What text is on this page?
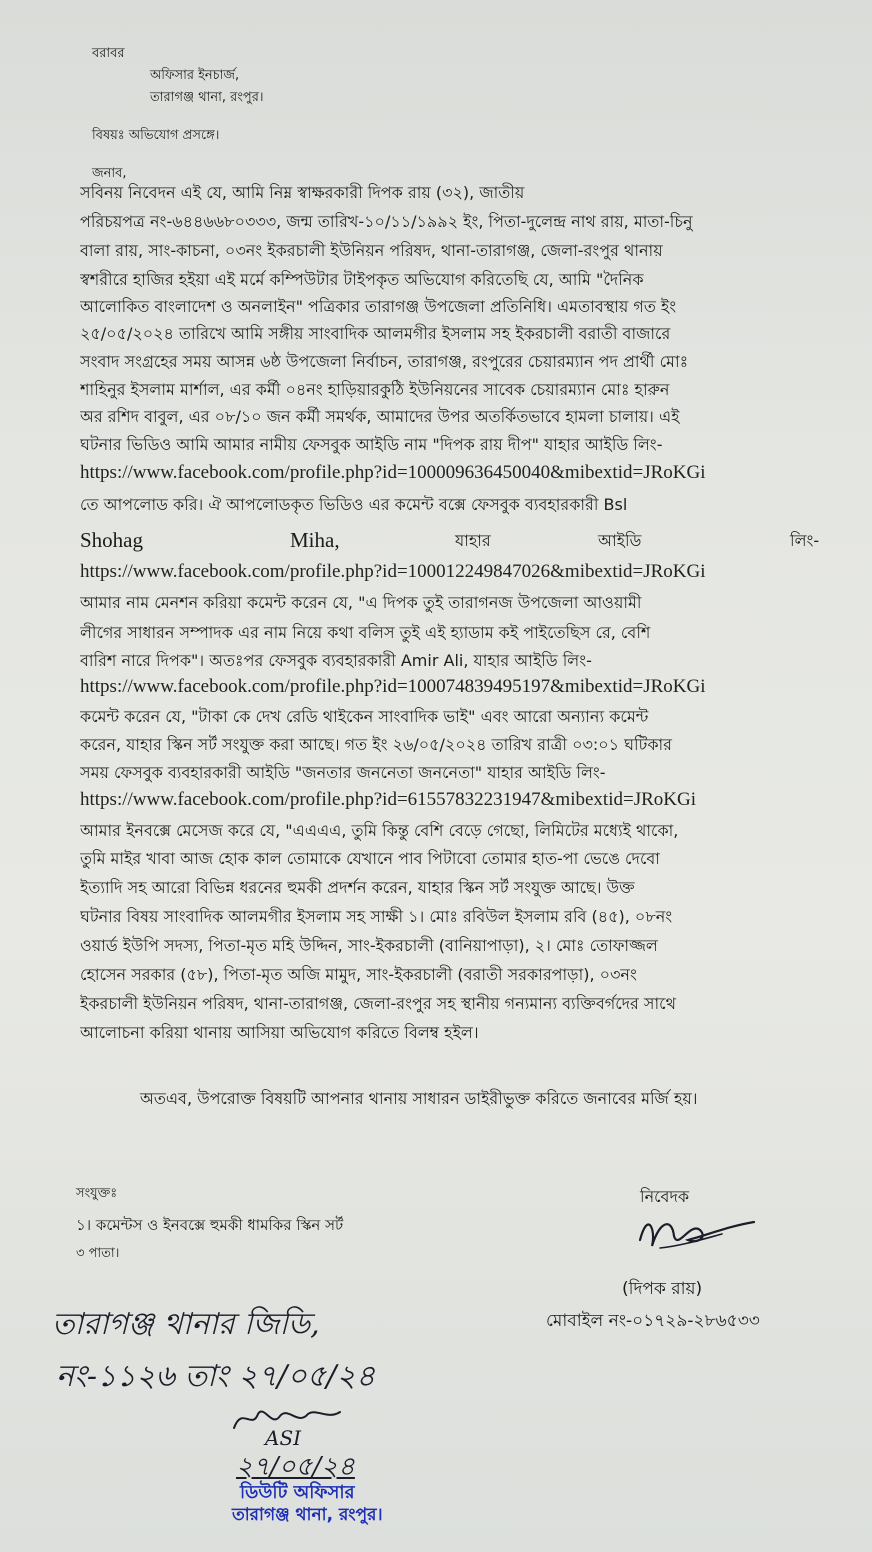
বরাবর
অফিসার ইনচার্জ,
তারাগঞ্জ থানা, রংপুর।
বিষয়ঃ অভিযোগ প্রসঙ্গে।
জনাব,
সবিনয় নিবেদন এই যে, আমি নিম্ন স্বাক্ষরকারী দিপক রায় (৩২), জাতীয়
পরিচয়পত্র নং-৬৪৪৬৬৮০৩৩৩, জন্ম তারিখ-১০/১১/১৯৯২ ইং, পিতা-দুলেন্দ্র নাথ রায়, মাতা-চিনু
বালা রায়, সাং-কাচনা, ০৩নং ইকরচালী ইউনিয়ন পরিষদ, থানা-তারাগঞ্জ, জেলা-রংপুর থানায়
স্বশরীরে হাজির হইয়া এই মর্মে কম্পিউটার টাইপকৃত অভিযোগ করিতেছি যে, আমি "দৈনিক
আলোকিত বাংলাদেশ ও অনলাইন" পত্রিকার তারাগঞ্জ উপজেলা প্রতিনিধি। এমতাবস্থায় গত ইং
২৫/০৫/২০২৪ তারিখে আমি সঙ্গীয় সাংবাদিক আলমগীর ইসলাম সহ ইকরচালী বরাতী বাজারে
সংবাদ সংগ্রহের সময় আসন্ন ৬ষ্ঠ উপজেলা নির্বাচন, তারাগঞ্জ, রংপুরের চেয়ারম্যান পদ প্রার্থী মোঃ
শাহিনুর ইসলাম মার্শাল, এর কর্মী ০৪নং হাড়িয়ারকুঠি ইউনিয়নের সাবেক চেয়ারম্যান মোঃ হারুন
অর রশিদ বাবুল, এর ০৮/১০ জন কর্মী সমর্থক, আমাদের উপর অতর্কিতভাবে হামলা চালায়। এই
ঘটনার ভিডিও আমি আমার নামীয় ফেসবুক আইডি নাম "দিপক রায় দীপ" যাহার আইডি লিং-
https://www.facebook.com/profile.php?id=100009636450040&mibextid=JRoKGi
তে আপলোড করি। ঐ আপলোডকৃত ভিডিও এর কমেন্ট বক্সে ফেসবুক ব্যবহারকারী Bsl
Shohag	Miha,	যাহার	আইডি	লিং-
https://www.facebook.com/profile.php?id=100012249847026&mibextid=JRoKGi
আমার নাম মেনশন করিয়া কমেন্ট করেন যে, "এ দিপক তুই তারাগনজ উপজেলা আওয়ামী
লীগের সাধারন সম্পাদক এর নাম নিয়ে কথা বলিস তুই এই হ্যাডাম কই পাইতেছিস রে, বেশি
বারিশ নারে দিপক"। অতঃপর ফেসবুক ব্যবহারকারী Amir Ali, যাহার আইডি লিং-
https://www.facebook.com/profile.php?id=100074839495197&mibextid=JRoKGi
কমেন্ট করেন যে, "টাকা কে দেখ রেডি থাইকেন সাংবাদিক ভাই" এবং আরো অন্যান্য কমেন্ট
করেন, যাহার স্কিন সর্ট সংযুক্ত করা আছে। গত ইং ২৬/০৫/২০২৪ তারিখ রাত্রী ০৩:০১ ঘটিকার
সময় ফেসবুক ব্যবহারকারী আইডি "জনতার জননেতা জননেতা" যাহার আইডি লিং-
https://www.facebook.com/profile.php?id=61557832231947&mibextid=JRoKGi
আমার ইনবক্সে মেসেজ করে যে, "এএএএ, তুমি কিন্তু বেশি বেড়ে গেছো, লিমিটের মধ্যেই থাকো,
তুমি মাইর খাবা আজ হোক কাল তোমাকে যেখানে পাব পিটাবো তোমার হাত-পা ভেঙে দেবো
ইত্যাদি সহ আরো বিভিন্ন ধরনের হুমকী প্রদর্শন করেন, যাহার স্কিন সর্ট সংযুক্ত আছে। উক্ত
ঘটনার বিষয় সাংবাদিক আলমগীর ইসলাম সহ সাক্ষী ১। মোঃ রবিউল ইসলাম রবি (৪৫), ০৮নং
ওয়ার্ড ইউপি সদস্য, পিতা-মৃত মহি উদ্দিন, সাং-ইকরচালী (বানিয়াপাড়া), ২। মোঃ তোফাজ্জল
হোসেন সরকার (৫৮), পিতা-মৃত অজি মামুদ, সাং-ইকরচালী (বরাতী সরকারপাড়া), ০৩নং
ইকরচালী ইউনিয়ন পরিষদ, থানা-তারাগঞ্জ, জেলা-রংপুর সহ স্থানীয় গন্যমান্য ব্যক্তিবর্গদের সাথে
আলোচনা করিয়া থানায় আসিয়া অভিযোগ করিতে বিলম্ব হইল।
অতএব, উপরোক্ত বিষয়টি আপনার থানায় সাধারন ডাইরীভুক্ত করিতে জনাবের মর্জি হয়।
সংযুক্তঃ
১। কমেন্টস ও ইনবক্সে হুমকী ধামকির স্কিন সর্ট
৩ পাতা।
নিবেদক
(দিপক রায়)
মোবাইল নং-০১৭২৯-২৮৬৫৩৩
তারাগঞ্জ থানার জিডি,
নং-১১২৬ তাং ২৭/০৫/২৪
ASI
২৭/০৫/২৪
ডিউটি অফিসার
তারাগঞ্জ থানা, রংপুর।
